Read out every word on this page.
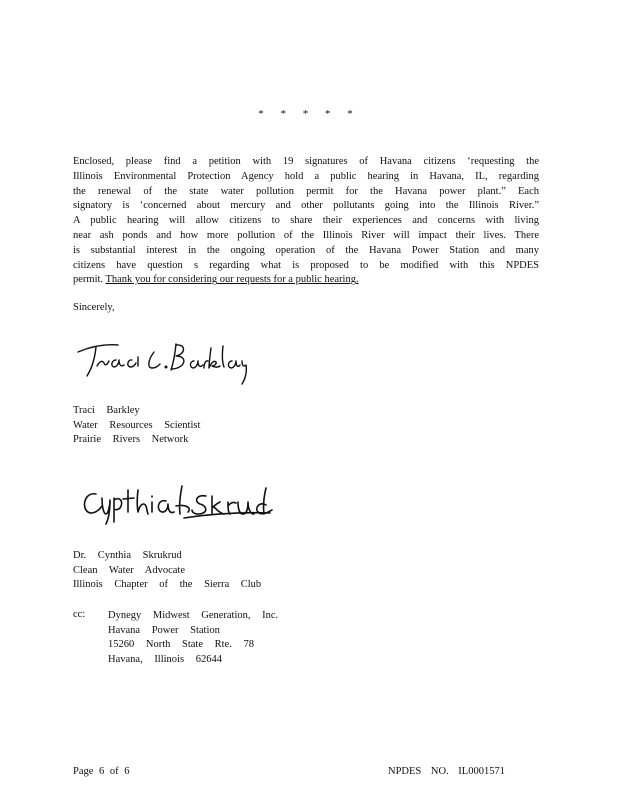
* * * * *
Enclosed, please find a petition with 19 signatures of Havana citizens ‘requesting the
Illinois Environmental Protection Agency hold a public hearing in Havana, IL, regarding
the renewal of the state water pollution permit for the Havana power plant.” Each
signatory is ‘concerned about mercury and other pollutants going into the Illinois River.”
A public hearing will allow citizens to share their experiences and concerns with living
near ash ponds and how more pollution of the Illinois River will impact their lives. There
is substantial interest in the ongoing operation of the Havana Power Station and many
citizens have question s regarding what is proposed to be modified with this NPDES
permit. Thank you for considering our requests for a public hearing.
Sincerely,
Traci Barkley
Water Resources Scientist
Prairie Rivers Network
Dr. Cynthia Skrukrud
Clean Water Advocate
Illinois Chapter of the Sierra Club
cc: Dynegy Midwest Generation, Inc.
Havana Power Station
15260 North State Rte. 78
Havana, Illinois 62644
Page 6 of 6	NPDES NO. IL0001571
